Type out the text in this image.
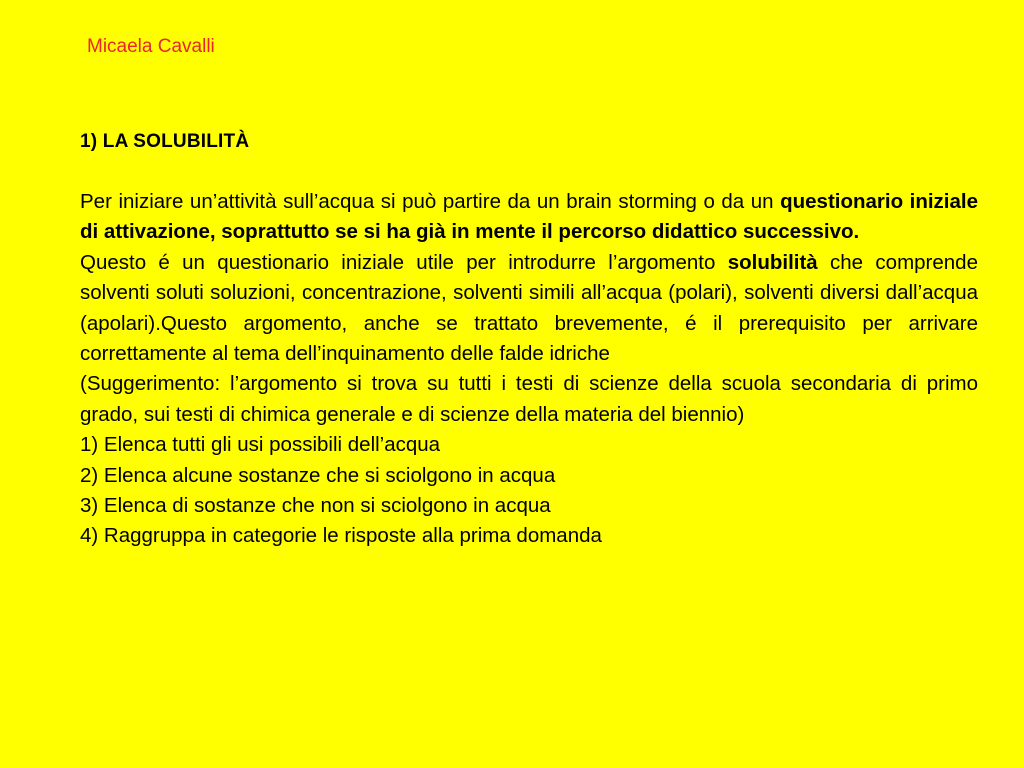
Micaela Cavalli
1) LA SOLUBILITÀ

Per iniziare un’attività sull’acqua si può partire da un brain storming o da un questionario iniziale di attivazione, soprattutto se si ha già in mente il percorso didattico successivo.

Questo é un questionario iniziale utile per introdurre l’argomento solubilità che comprende solventi soluti soluzioni, concentrazione, solventi simili all’acqua (polari), solventi diversi dall’acqua (apolari).Questo argomento, anche se trattato brevemente, é il prerequisito per arrivare correttamente al tema dell’inquinamento delle falde idriche

(Suggerimento: l’argomento si trova su tutti i testi di scienze della scuola secondaria di primo grado, sui testi di chimica generale e di scienze della materia del biennio)

1) Elenca tutti gli usi possibili dell’acqua

2) Elenca alcune sostanze che si sciolgono in acqua

3) Elenca di sostanze che non si sciolgono in acqua

4) Raggruppa in categorie le risposte alla prima domanda
